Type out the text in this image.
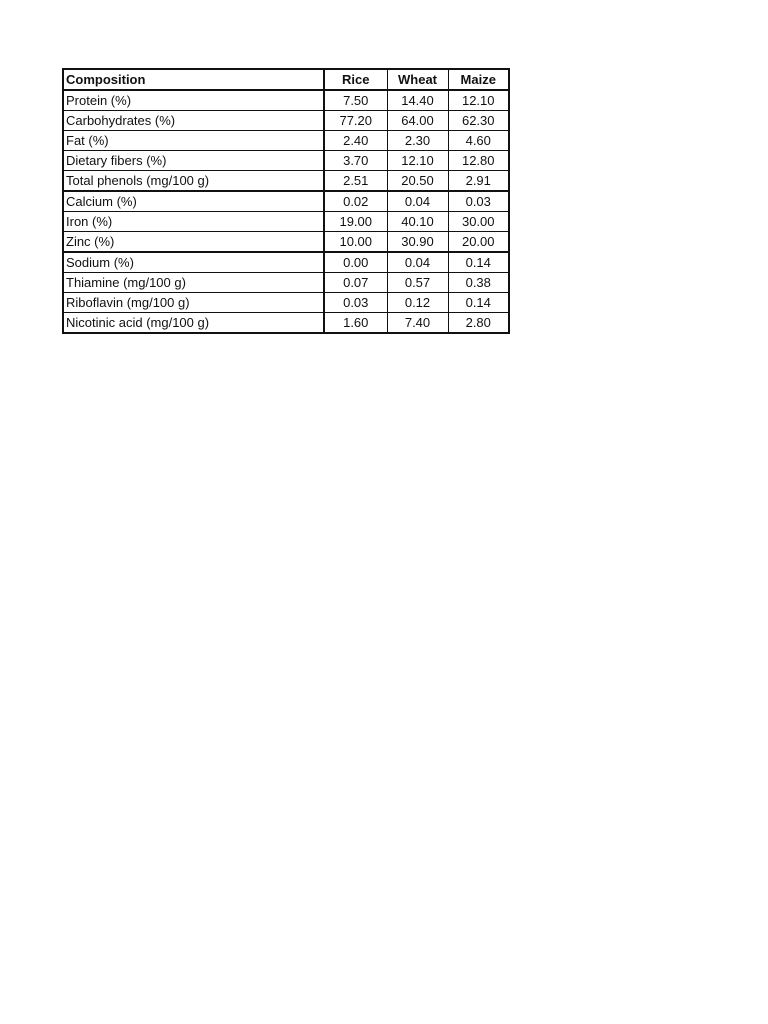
Composition	Rice	Wheat	Maize
Protein (%)	7.50	14.40	12.10
Carbohydrates (%)	77.20	64.00	62.30
Fat (%)	2.40	2.30	4.60
Dietary fibers (%)	3.70	12.10	12.80
Total phenols (mg/100 g)	2.51	20.50	2.91
Calcium (%)	0.02	0.04	0.03
Iron (%)	19.00	40.10	30.00
Zinc (%)	10.00	30.90	20.00
Sodium (%)	0.00	0.04	0.14
Thiamine (mg/100 g)	0.07	0.57	0.38
Riboflavin (mg/100 g)	0.03	0.12	0.14
Nicotinic acid (mg/100 g)	1.60	7.40	2.80
